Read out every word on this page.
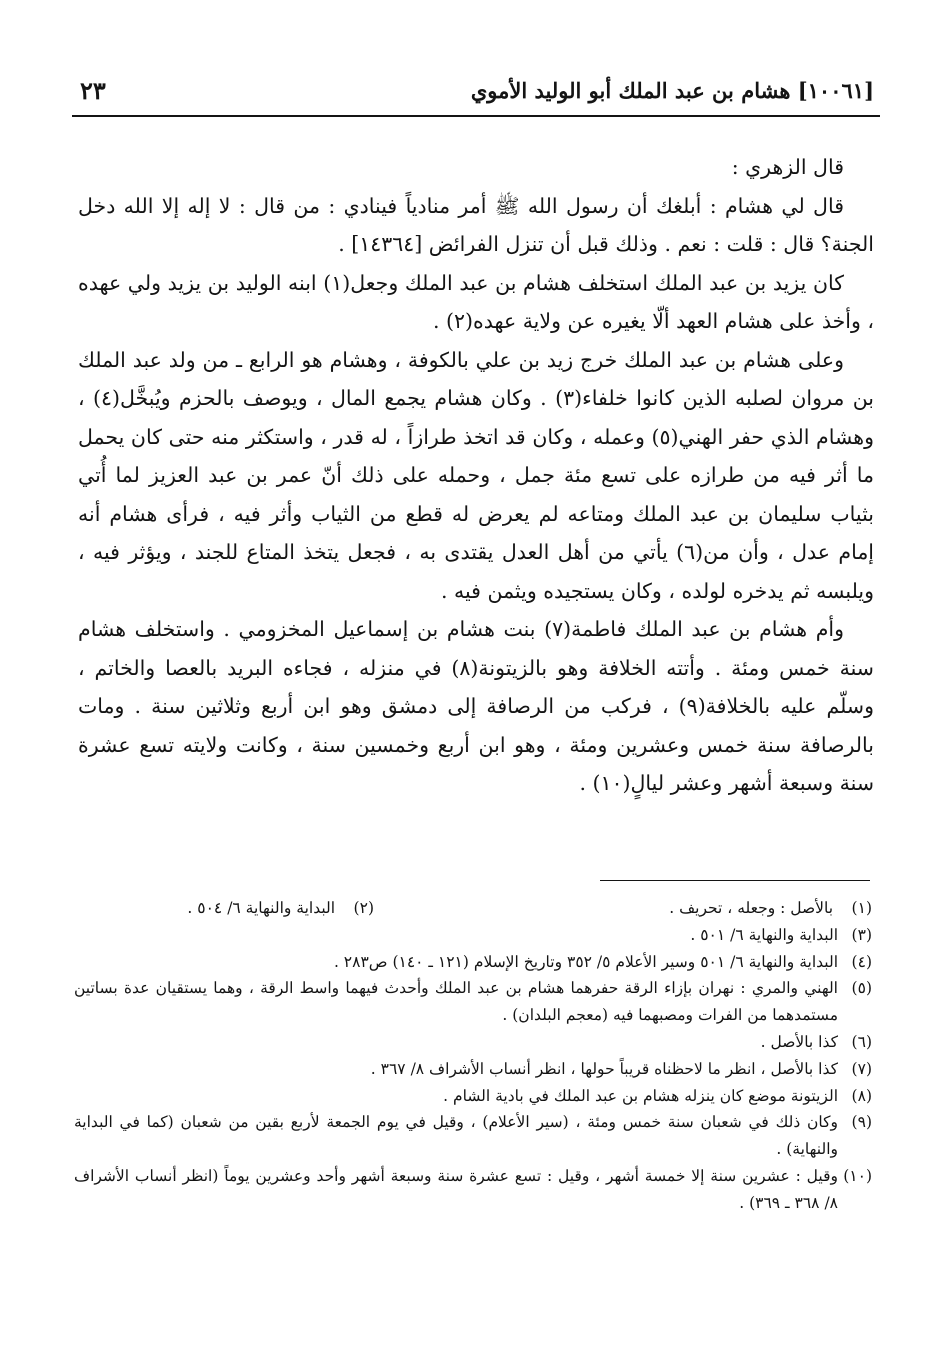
٢٣	[١٠٠٦١] هشام بن عبد الملك أبو الوليد الأموي

قال الزهري :

قال لي هشام : أبلغك أن رسول الله ﷺ أمر منادياً فينادي : من قال : لا إله إلا الله دخل الجنة؟ قال : قلت : نعم . وذلك قبل أن تنزل الفرائض [١٤٣٦٤] .

كان يزيد بن عبد الملك استخلف هشام بن عبد الملك وجعل(١) ابنه الوليد بن يزيد ولي عهده ، وأخذ على هشام العهد ألّا يغيره عن ولاية عهده(٢) .

وعلى هشام بن عبد الملك خرج زيد بن علي بالكوفة ، وهشام هو الرابع ـ من ولد عبد الملك بن مروان لصلبه الذين كانوا خلفاء(٣) . وكان هشام يجمع المال ، ويوصف بالحزم ويُبخَّل(٤) ، وهشام الذي حفر الهني(٥) وعمله ، وكان قد اتخذ طرازاً ، له قدر ، واستكثر منه حتى كان يحمل ما أثر فيه من طرازه على تسع مئة جمل ، وحمله على ذلك أنّ عمر بن عبد العزيز لما أُتي بثياب سليمان بن عبد الملك ومتاعه لم يعرض له قطع من الثياب وأثر فيه ، فرأى هشام أنه إمام عدل ، وأن من(٦) يأتي من أهل العدل يقتدى به ، فجعل يتخذ المتاع للجند ، ويؤثر فيه ، ويلبسه ثم يدخره لولده ، وكان يستجيده ويثمن فيه .

وأم هشام بن عبد الملك فاطمة(٧) بنت هشام بن إسماعيل المخزومي . واستخلف هشام سنة خمس ومئة . وأتته الخلافة وهو بالزيتونة(٨) في منزله ، فجاءه البريد بالعصا والخاتم ، وسلّم عليه بالخلافة(٩) ، فركب من الرصافة إلى دمشق وهو ابن أربع وثلاثين سنة . ومات بالرصافة سنة خمس وعشرين ومئة ، وهو ابن أربع وخمسين سنة ، وكانت ولايته تسع عشرة سنة وسبعة أشهر وعشر ليالٍ(١٠) .

(١) بالأصل : وجعله ، تحريف .
(٢) البداية والنهاية ٦/ ٥٠٤ .
(٣)البداية والنهاية ٦/ ٥٠١ .
(٤)البداية والنهاية ٦/ ٥٠١ وسير الأعلام ٥/ ٣٥٢ وتاريخ الإسلام (١٢١ ـ ١٤٠) ص٢٨٣ .
(٥)الهني والمري : نهران بإزاء الرقة حفرهما هشام بن عبد الملك وأحدث فيهما واسط الرقة ، وهما يستقيان عدة بساتين مستمدهما من الفرات ومصبهما فيه (معجم البلدان) .
(٦)كذا بالأصل .
(٧)كذا بالأصل ، انظر ما لاحظناه قريباً حولها ، انظر أنساب الأشراف ٨/ ٣٦٧ .
(٨)الزيتونة موضع كان ينزله هشام بن عبد الملك في بادية الشام .
(٩)وكان ذلك في شعبان سنة خمس ومئة ، (سير الأعلام) ، وقيل في يوم الجمعة لأربع بقين من شعبان (كما في البداية والنهاية) .
(١٠)وقيل : عشرين سنة إلا خمسة أشهر ، وقيل : تسع عشرة سنة وسبعة أشهر وأحد وعشرين يوماً (انظر أنساب الأشراف ٨/ ٣٦٨ ـ ٣٦٩) .
